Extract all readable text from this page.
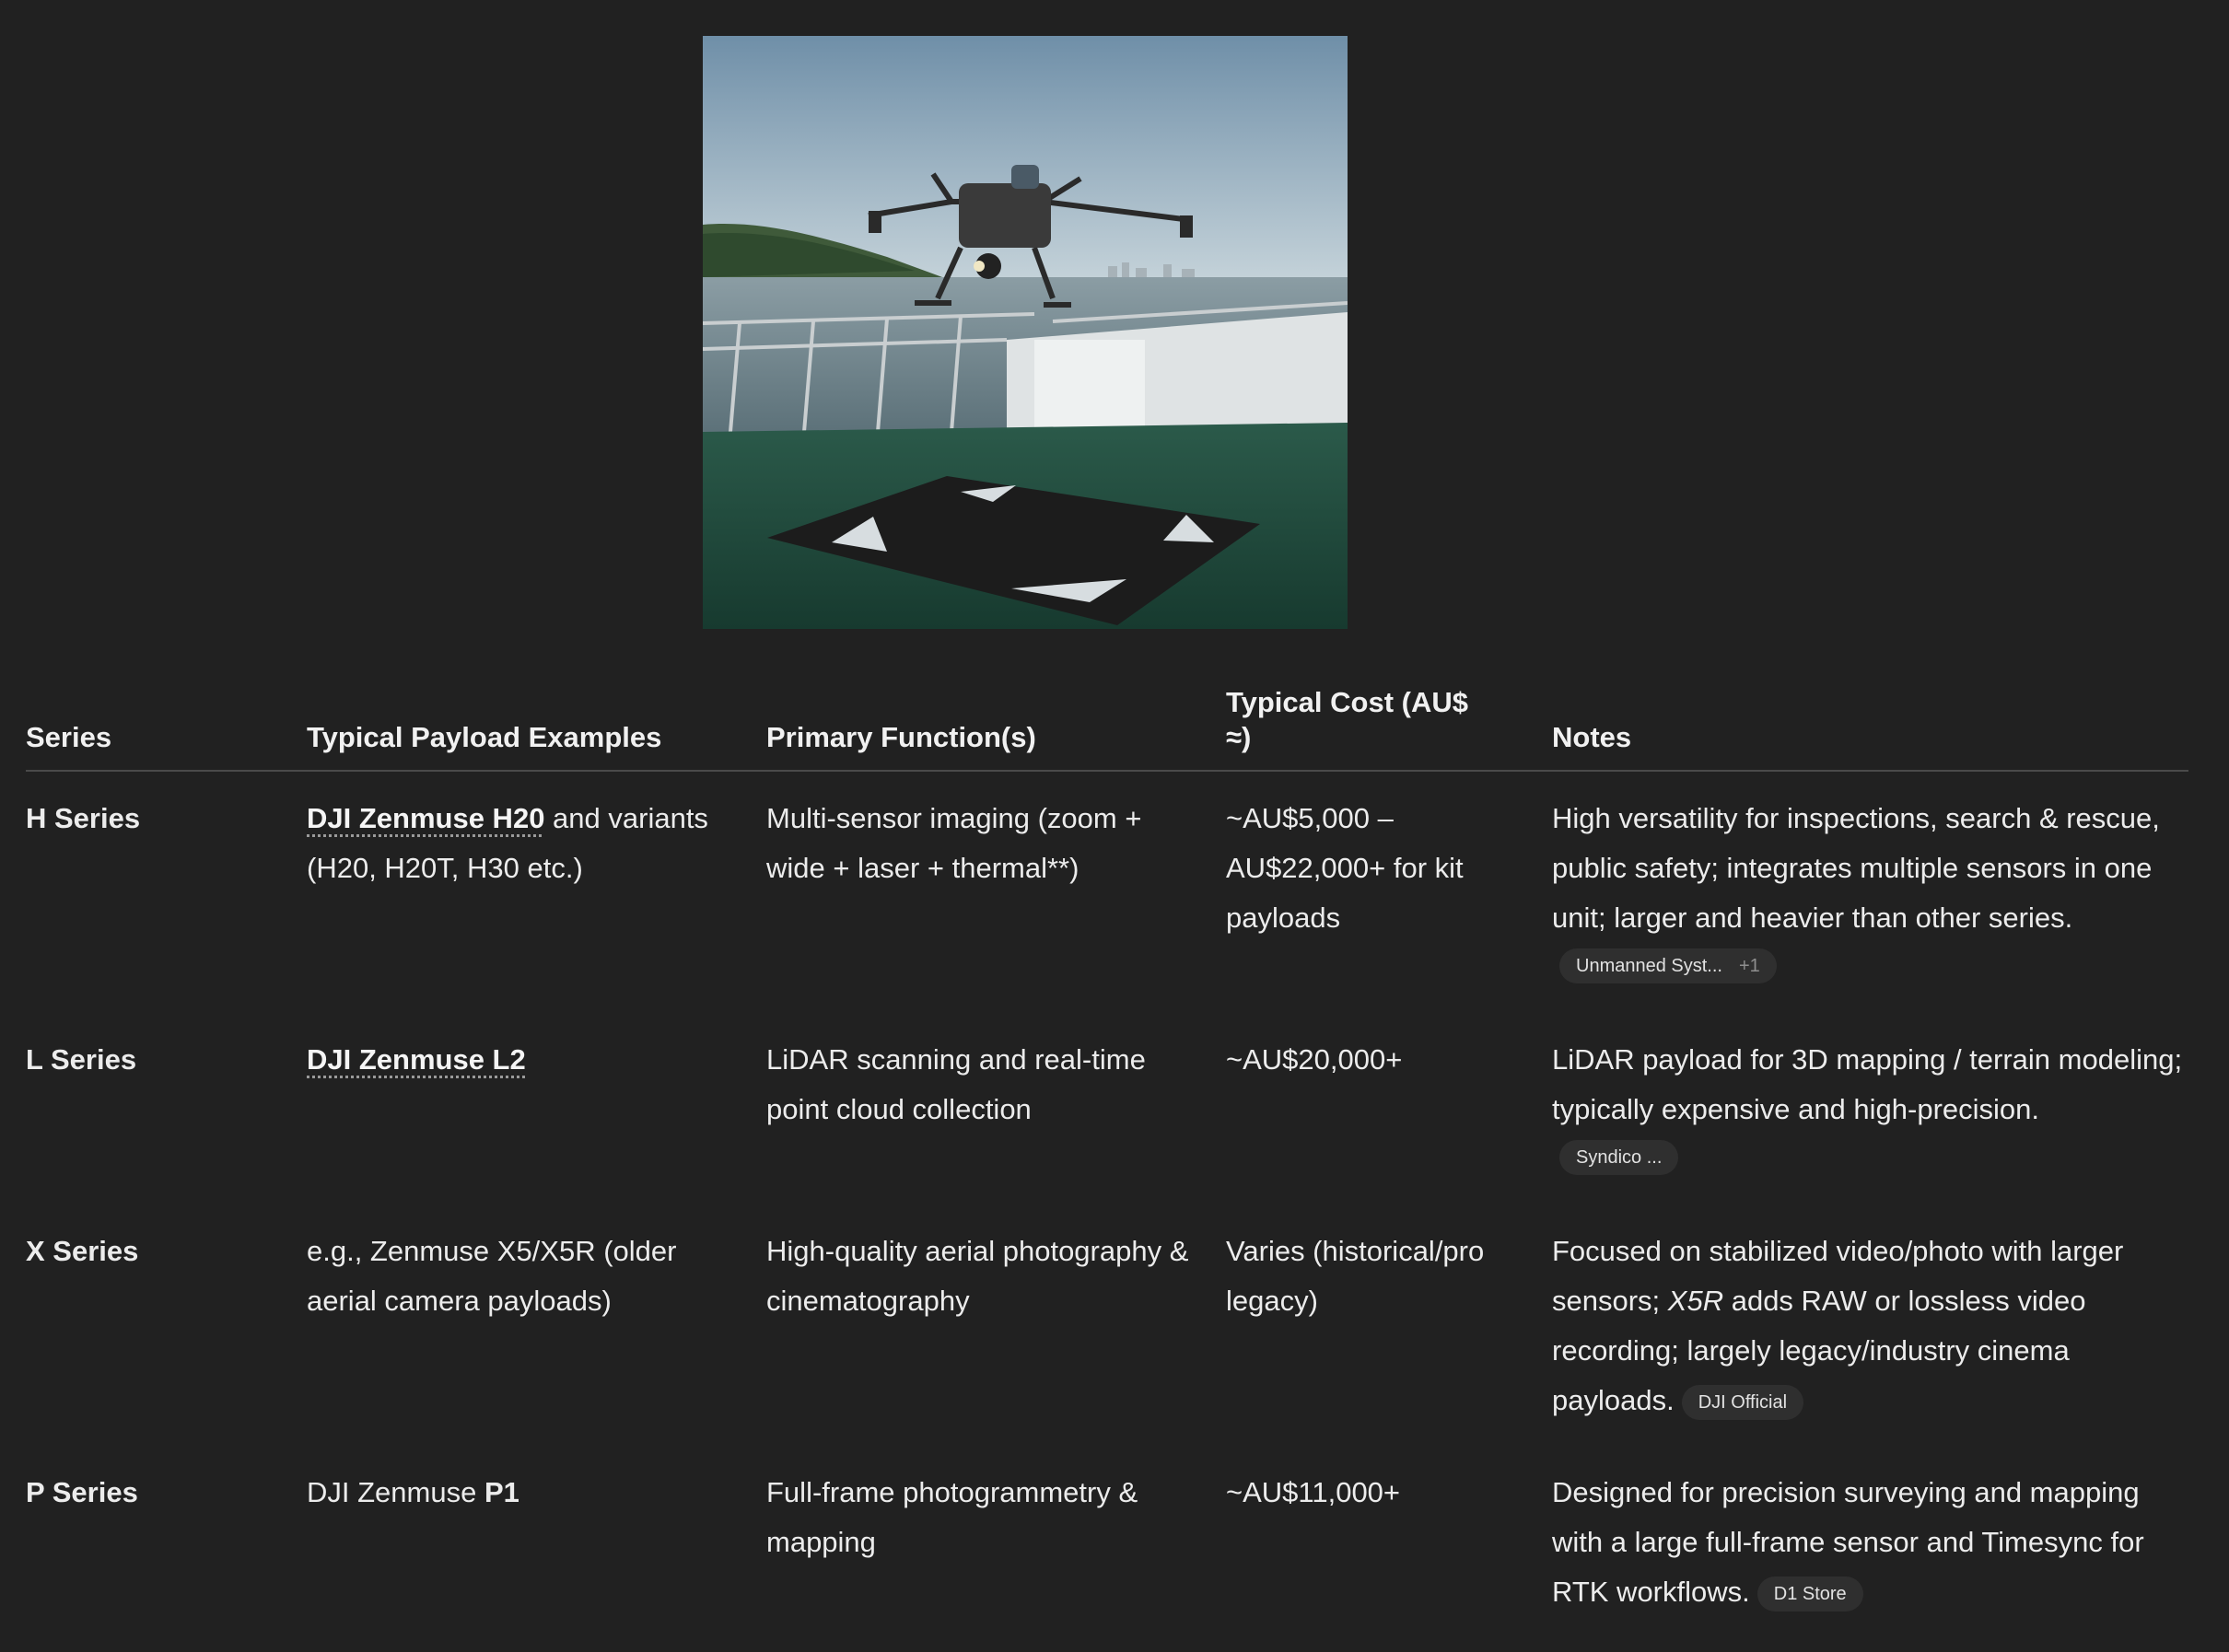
Series	Typical Payload Examples	Primary Function(s)	Typical Cost (AU$
≈)	Notes
H Series	DJI Zenmuse H20 and variants (H20, H20T, H30 etc.)	Multi-sensor imaging (zoom + wide + laser + thermal**)	~AU$5,000 – AU$22,000+ for kit payloads	High versatility for inspections, search & rescue, public safety; integrates multiple sensors in one unit; larger and heavier than other series.
Unmanned Syst... +1

L Series	DJI Zenmuse L2	LiDAR scanning and real-time point cloud collection	~AU$20,000+	LiDAR payload for 3D mapping / terrain modeling; typically expensive and high-precision.
Syndico ...

X Series	e.g., Zenmuse X5/X5R (older aerial camera payloads)	High-quality aerial photography & cinematography	Varies (historical/pro legacy)	Focused on stabilized video/photo with larger sensors; X5R adds RAW or lossless video recording; largely legacy/industry cinema payloads. DJI Official

P Series	DJI Zenmuse P1	Full-frame photogrammetry & mapping	~AU$11,000+	Designed for precision surveying and mapping with a large full-frame sensor and Timesync for RTK workflows. D1 Store
